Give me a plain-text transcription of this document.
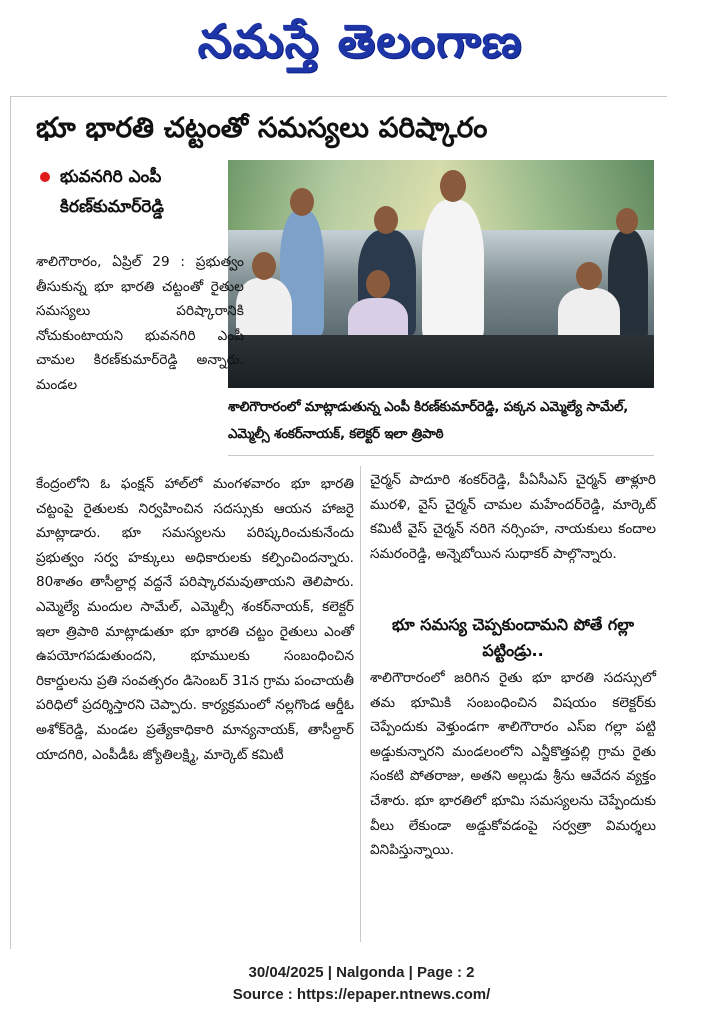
నమస్తే తెలంగాణ
భూ భారతి చట్టంతో సమస్యలు పరిష్కారం
భువనగిరి ఎంపీ
కిరణ్‌కుమార్‌రెడ్డి
శాలిగౌరారంలో మాట్లాడుతున్న ఎంపీ కిరణ్‌కుమార్‌రెడ్డి, పక్కన ఎమ్మెల్యే సామేల్, ఎమ్మెల్సీ శంకర్‌నాయక్, కలెక్టర్ ఇలా త్రిపాఠి

శాలిగౌరారం, ఏప్రిల్ 29 : ప్రభుత్వం తీసుకున్న భూ భారతి చట్టంతో రైతుల సమస్యలు పరిష్కారానికి నోచుకుంటాయని భువనగిరి ఎంపీ చామల కిరణ్‌కుమార్‌రెడ్డి అన్నారు. మండల

కేంద్రంలోని ఓ ఫంక్షన్ హాల్‌లో మంగళవారం భూ భారతి చట్టంపై రైతులకు నిర్వహించిన సదస్సుకు ఆయన హాజరై మాట్లాడారు. భూ సమస్యలను పరిష్కరించుకునేందు ప్రభుత్వం సర్వ హక్కులు అధికారులకు కల్పించిందన్నారు. 80శాతం తాసీల్దార్ల వద్దనే పరిష్కారమవుతాయని తెలిపారు. ఎమ్మెల్యే మందుల సామేల్, ఎమ్మెల్సీ శంకర్‌నాయక్, కలెక్టర్ ఇలా త్రిపాఠి మాట్లాడుతూ భూ భారతి చట్టం రైతులు ఎంతో ఉపయోగపడుతుందని, భూములకు సంబంధించిన రికార్డులను ప్రతి సంవత్సరం డిసెంబర్ 31న గ్రామ పంచాయతీ పరిధిలో ప్రదర్శిస్తారని చెప్పారు. కార్యక్రమంలో నల్లగొండ ఆర్డీఓ అశోక్‌రెడ్డి, మండల ప్రత్యేకాధికారి మాన్యనాయక్, తాసీల్దార్ యాదగిరి, ఎంపీడీఓ జ్యోతిలక్ష్మి, మార్కెట్ కమిటీ

చైర్మన్ పాదూరి శంకర్‌రెడ్డి, పీఏసీఎస్ చైర్మన్ తాళ్లూరి మురళి, వైస్ చైర్మన్ చామల మహేందర్‌రెడ్డి, మార్కెట్ కమిటీ వైస్ చైర్మన్ నరిగె నర్సింహ, నాయకులు కందాల సమరంరెడ్డి, అన్నెబోయిన సుధాకర్ పాల్గొన్నారు.

భూ సమస్య చెప్పకుందామని పోతే గల్లా పట్టిండ్రు..

శాలిగౌరారంలో జరిగిన రైతు భూ భారతి సదస్సులో తమ భూమికి సంబంధించిన విషయం కలెక్టర్‌కు చెప్పేందుకు వెళ్తుండగా శాలిగౌరారం ఎస్ఐ గల్లా పట్టి అడ్డుకున్నారని మండలంలోని ఎన్జీకొత్తపల్లి గ్రామ రైతు సంకటి పోతరాజు, అతని అల్లుడు శ్రీను ఆవేదన వ్యక్తం చేశారు. భూ భారతిలో భూమి సమస్యలను చెప్పేందుకు వీలు లేకుండా అడ్డుకోవడంపై సర్వత్రా విమర్శలు వినిపిస్తున్నాయి.

30/04/2025 | Nalgonda | Page : 2
Source : https://epaper.ntnews.com/
